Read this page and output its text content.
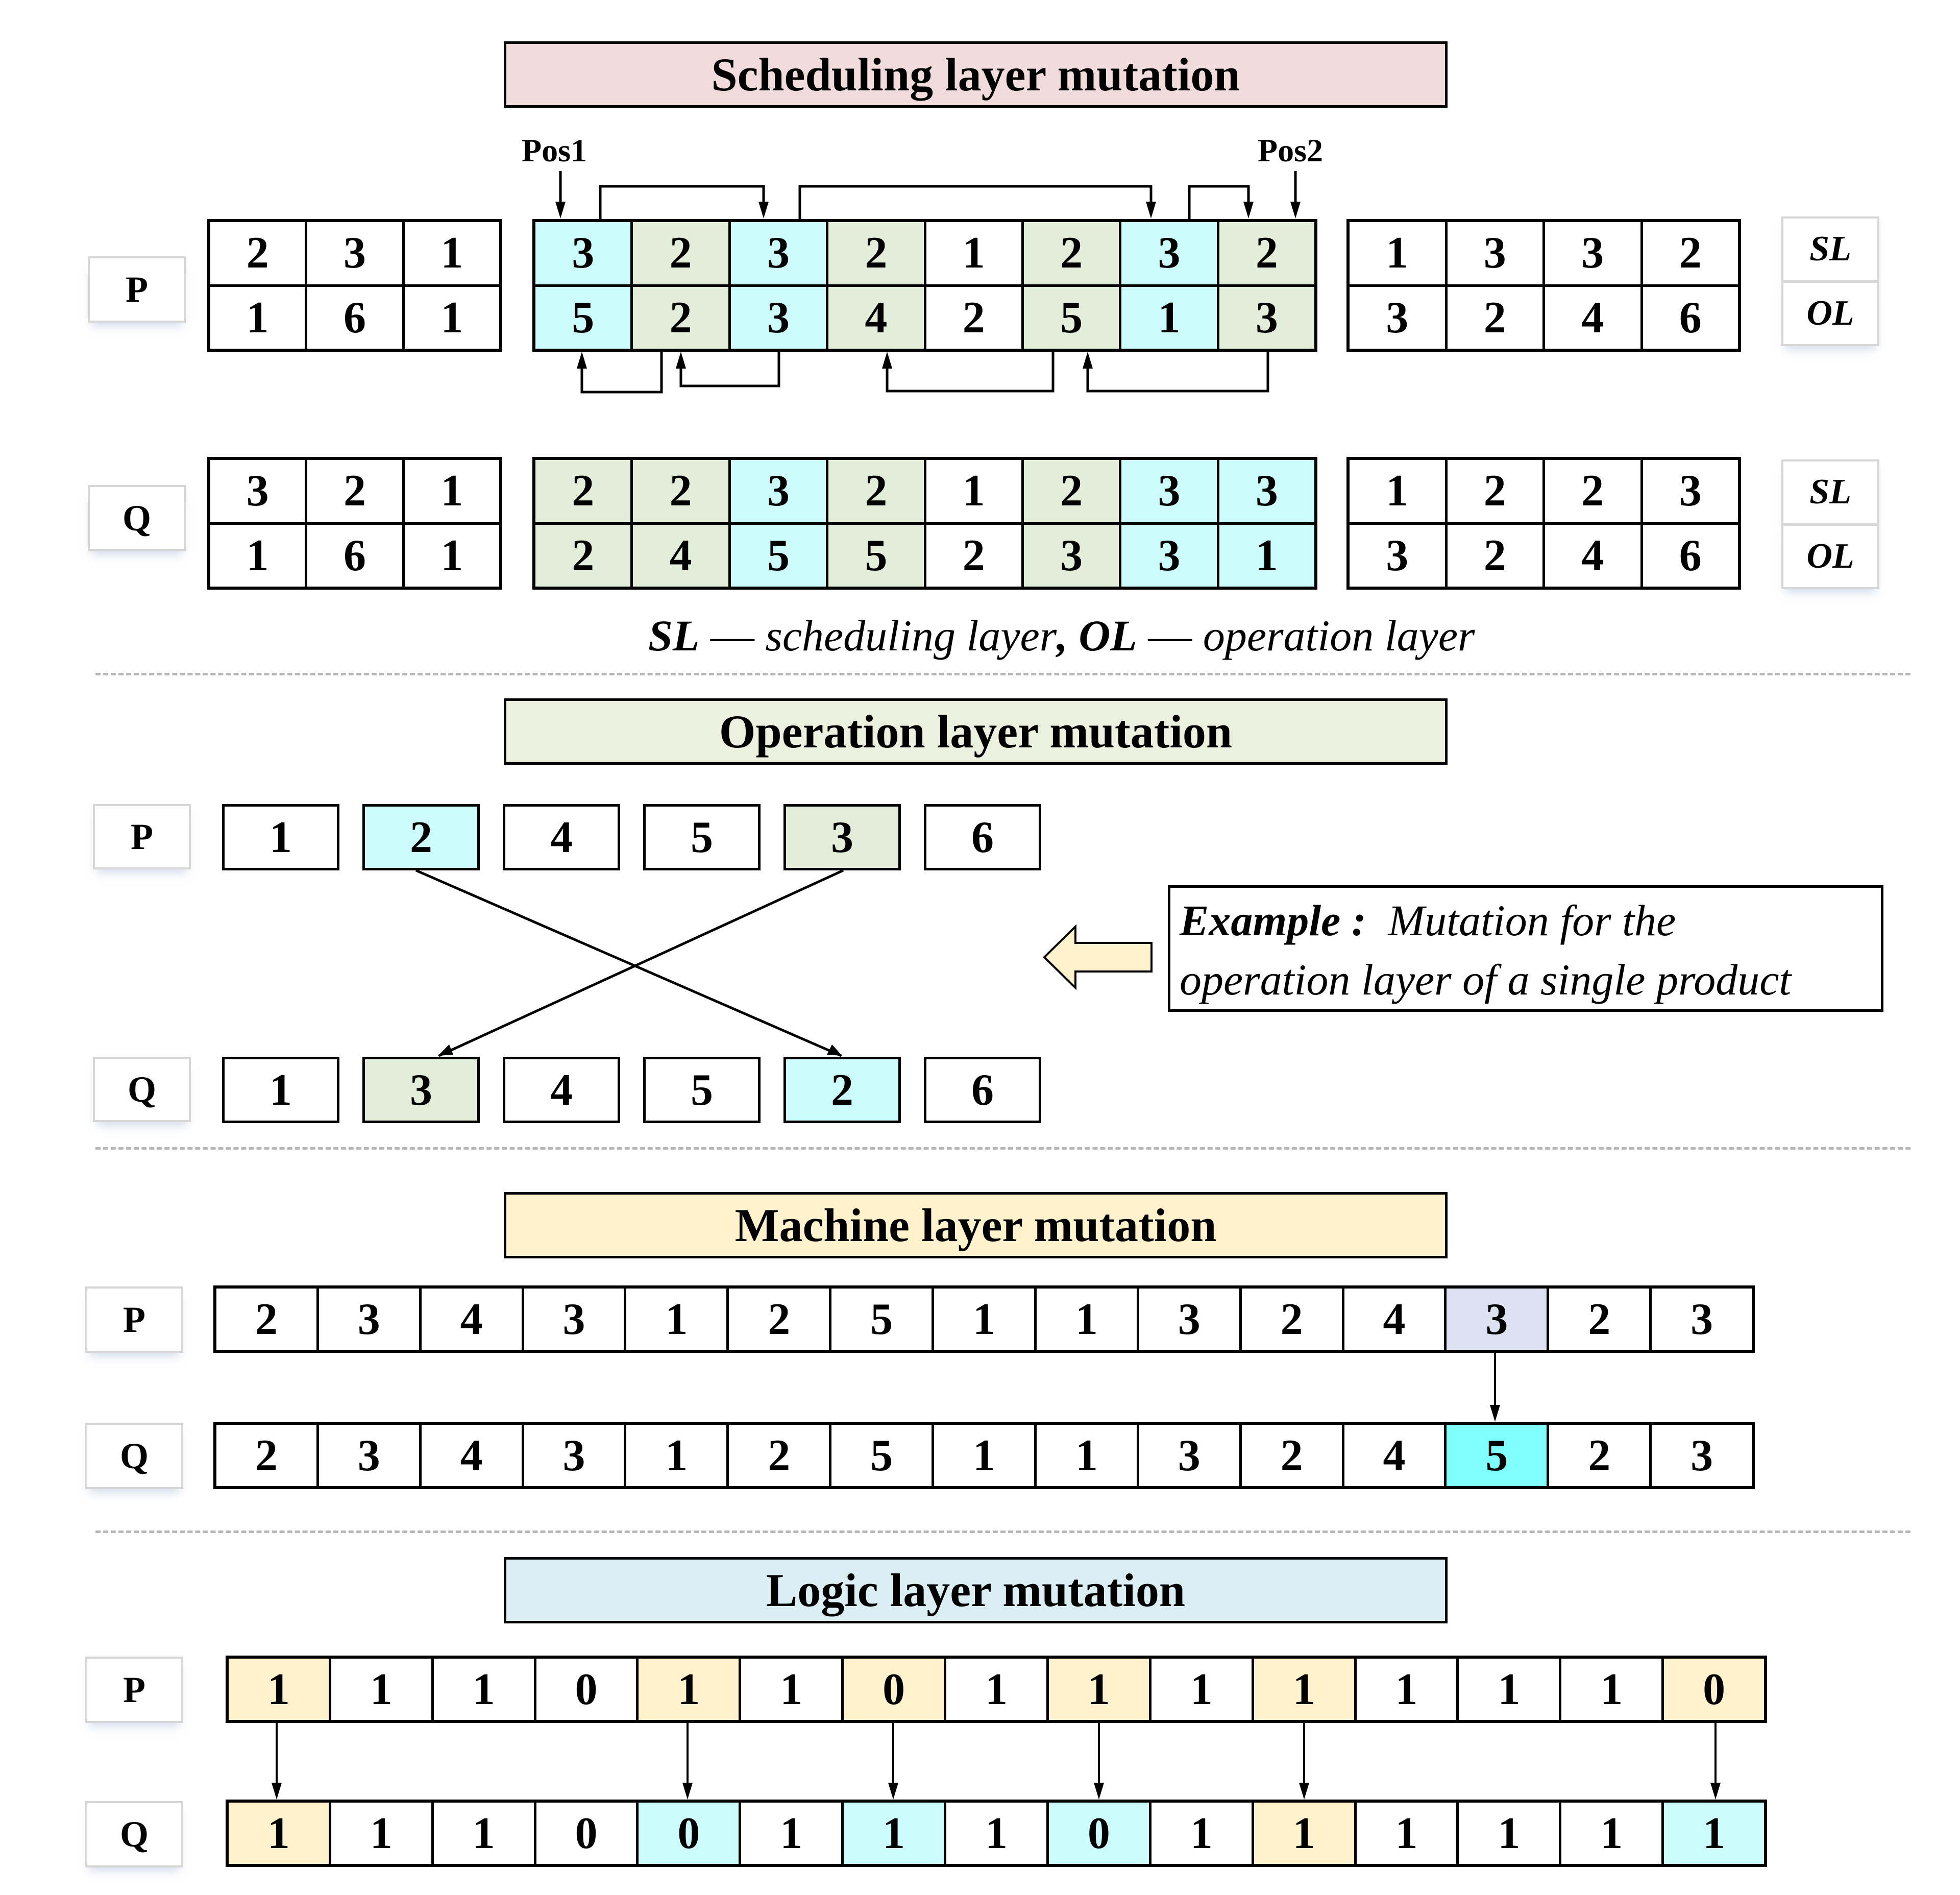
Scheduling layer mutation
Pos1	Pos2
P
2	3	1
1	6	1
3	2	3	2	1	2	3	2
5	2	3	4	2	5	1	3
1	3	3	2
3	2	4	6
SL
OL
Q
3	2	1
1	6	1
2	2	3	2	1	2	3	3
2	4	5	5	2	3	3	1
1	2	2	3
3	2	4	6
SL
OL
SL — scheduling layer, OL — operation layer
Operation layer mutation
P	1	2	4	5	3	6
Q	1	3	4	5	2	6
Example : Mutation for the
operation layer of a single product
Machine layer mutation
P	2	3	4	3	1	2	5	1	1	3	2	4	3	2	3
Q	2	3	4	3	1	2	5	1	1	3	2	4	5	2	3
Logic layer mutation
P	1	1	1	0	1	1	0	1	1	1	1	1	1	1	0
Q	1	1	1	0	0	1	1	1	0	1	1	1	1	1	1
